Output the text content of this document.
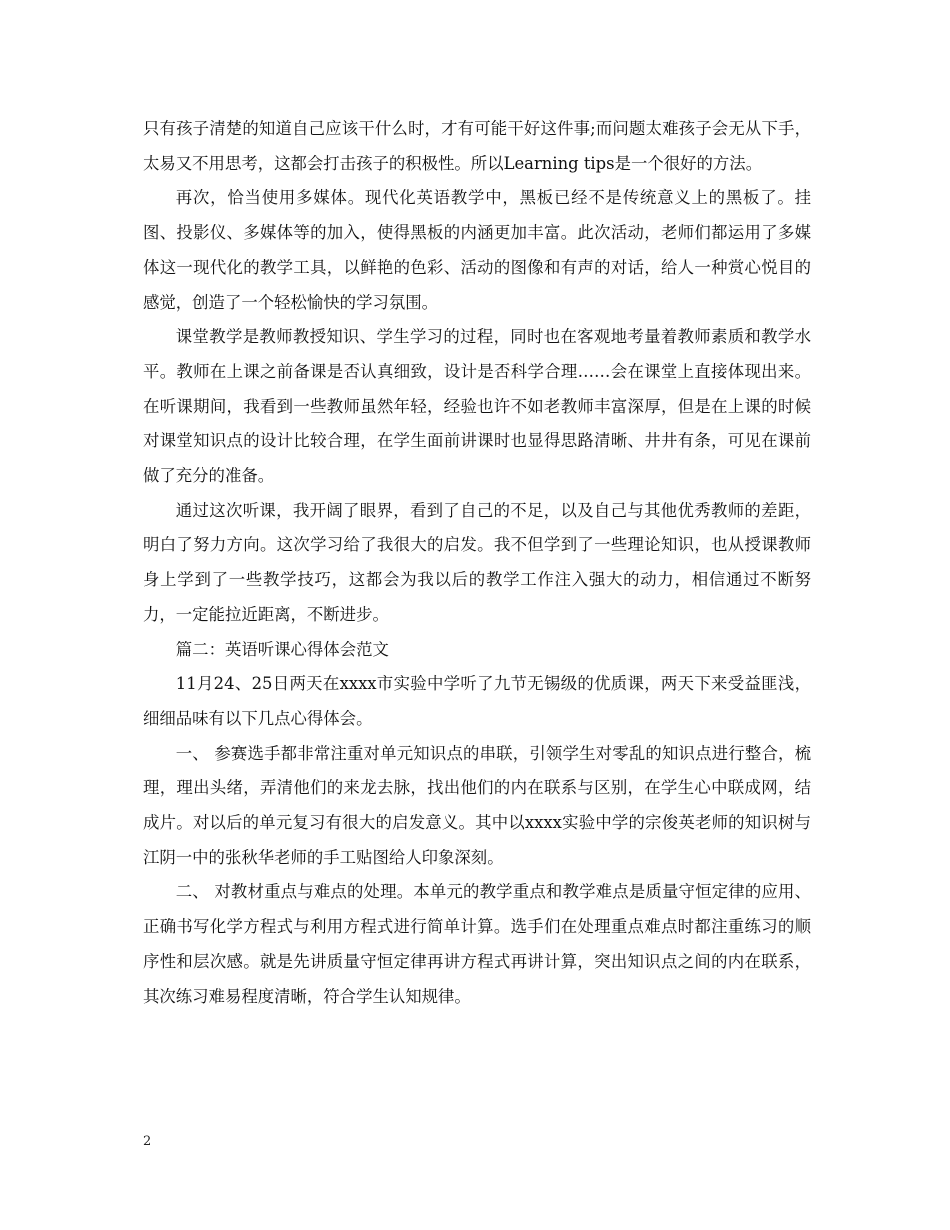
只有孩子清楚的知道自己应该干什么时，才有可能干好这件事;而问题太难孩子会无从下手，太易又不用思考，这都会打击孩子的积极性。所以Learning tips是一个很好的方法。

再次，恰当使用多媒体。现代化英语教学中，黑板已经不是传统意义上的黑板了。挂图、投影仪、多媒体等的加入，使得黑板的内涵更加丰富。此次活动，老师们都运用了多媒体这一现代化的教学工具，以鲜艳的色彩、活动的图像和有声的对话，给人一种赏心悦目的感觉，创造了一个轻松愉快的学习氛围。

课堂教学是教师教授知识、学生学习的过程，同时也在客观地考量着教师素质和教学水平。教师在上课之前备课是否认真细致，设计是否科学合理……会在课堂上直接体现出来。在听课期间，我看到一些教师虽然年轻，经验也许不如老教师丰富深厚，但是在上课的时候对课堂知识点的设计比较合理，在学生面前讲课时也显得思路清晰、井井有条，可见在课前做了充分的准备。

通过这次听课，我开阔了眼界，看到了自己的不足，以及自己与其他优秀教师的差距，明白了努力方向。这次学习给了我很大的启发。我不但学到了一些理论知识，也从授课教师身上学到了一些教学技巧，这都会为我以后的教学工作注入强大的动力，相信通过不断努力，一定能拉近距离，不断进步。

篇二：英语听课心得体会范文

11月24、25日两天在xxxx市实验中学听了九节无锡级的优质课，两天下来受益匪浅，细细品味有以下几点心得体会。

一、 参赛选手都非常注重对单元知识点的串联，引领学生对零乱的知识点进行整合，梳理，理出头绪，弄清他们的来龙去脉，找出他们的内在联系与区别，在学生心中联成网，结成片。对以后的单元复习有很大的启发意义。其中以xxxx实验中学的宗俊英老师的知识树与江阴一中的张秋华老师的手工贴图给人印象深刻。

二、 对教材重点与难点的处理。本单元的教学重点和教学难点是质量守恒定律的应用、正确书写化学方程式与利用方程式进行简单计算。选手们在处理重点难点时都注重练习的顺序性和层次感。就是先讲质量守恒定律再讲方程式再讲计算，突出知识点之间的内在联系，其次练习难易程度清晰，符合学生认知规律。

2
